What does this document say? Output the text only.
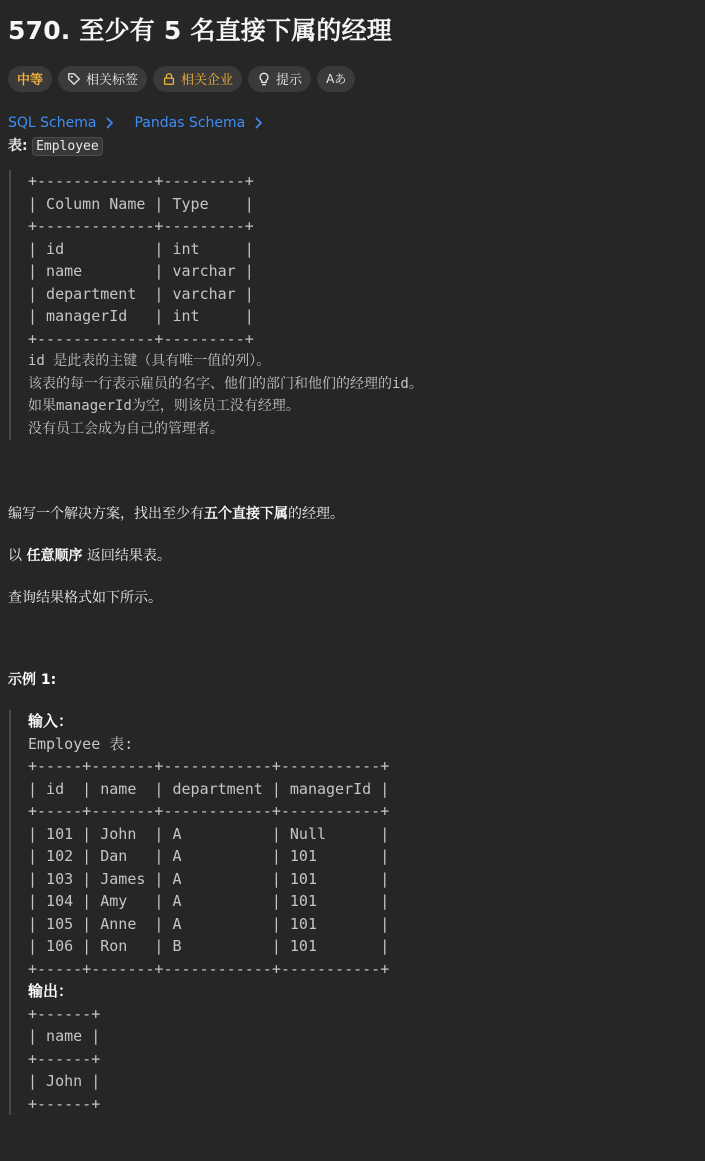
570. 至少有 5 名直接下属的经理
中等	相关标签	相关企业	提示 Aあ
SQL Schema	Pandas Schema
表: Employee
+-------------+---------+
| Column Name | Type    |
+-------------+---------+
| id          | int     |
| name        | varchar |
| department  | varchar |
| managerId   | int     |
+-------------+---------+
id 是此表的主键（具有唯一值的列）。
该表的每一行表示雇员的名字、他们的部门和他们的经理的id。
如果managerId为空，则该员工没有经理。
没有员工会成为自己的管理者。

编写一个解决方案，找出至少有五个直接下属的经理。

以 任意顺序 返回结果表。

查询结果格式如下所示。

示例 1:

输入：
Employee 表:
+-----+-------+------------+-----------+
| id  | name  | department | managerId |
+-----+-------+------------+-----------+
| 101 | John  | A          | Null      |
| 102 | Dan   | A          | 101       |
| 103 | James | A          | 101       |
| 104 | Amy   | A          | 101       |
| 105 | Anne  | A          | 101       |
| 106 | Ron   | B          | 101       |
+-----+-------+------------+-----------+
输出：
+------+
| name |
+------+
| John |
+------+
